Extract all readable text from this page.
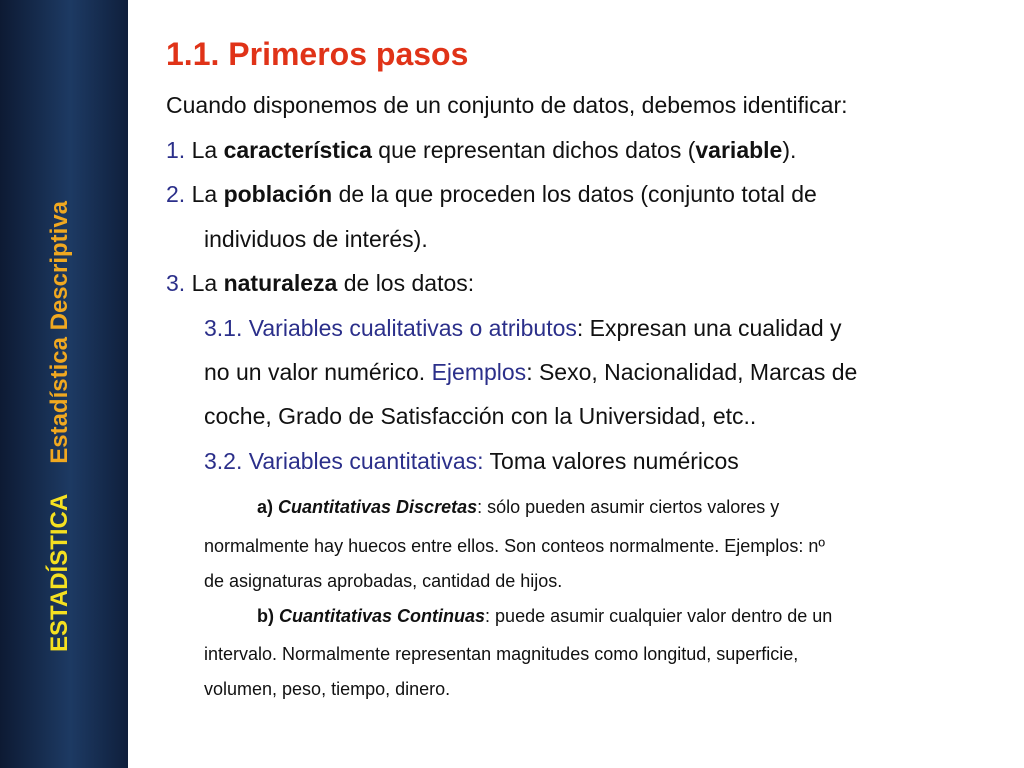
ESTADÍSTICAEstadística Descriptiva
1.1. Primeros pasos
Cuando disponemos de un conjunto de datos, debemos identificar:
1. La característica que representan dichos datos (variable).
2. La población de la que proceden los datos (conjunto total de
individuos de interés).
3. La naturaleza de los datos:
3.1. Variables cualitativas o atributos: Expresan una cualidad y
no un valor numérico. Ejemplos: Sexo, Nacionalidad, Marcas de
coche, Grado de Satisfacción con la Universidad, etc..
3.2. Variables cuantitativas: Toma valores numéricos
a) Cuantitativas Discretas: sólo pueden asumir ciertos valores y
normalmente hay huecos entre ellos. Son conteos normalmente. Ejemplos: nº
de asignaturas aprobadas, cantidad de hijos.
b) Cuantitativas Continuas: puede asumir cualquier valor dentro de un
intervalo. Normalmente representan magnitudes como longitud, superficie,
volumen, peso, tiempo, dinero.
